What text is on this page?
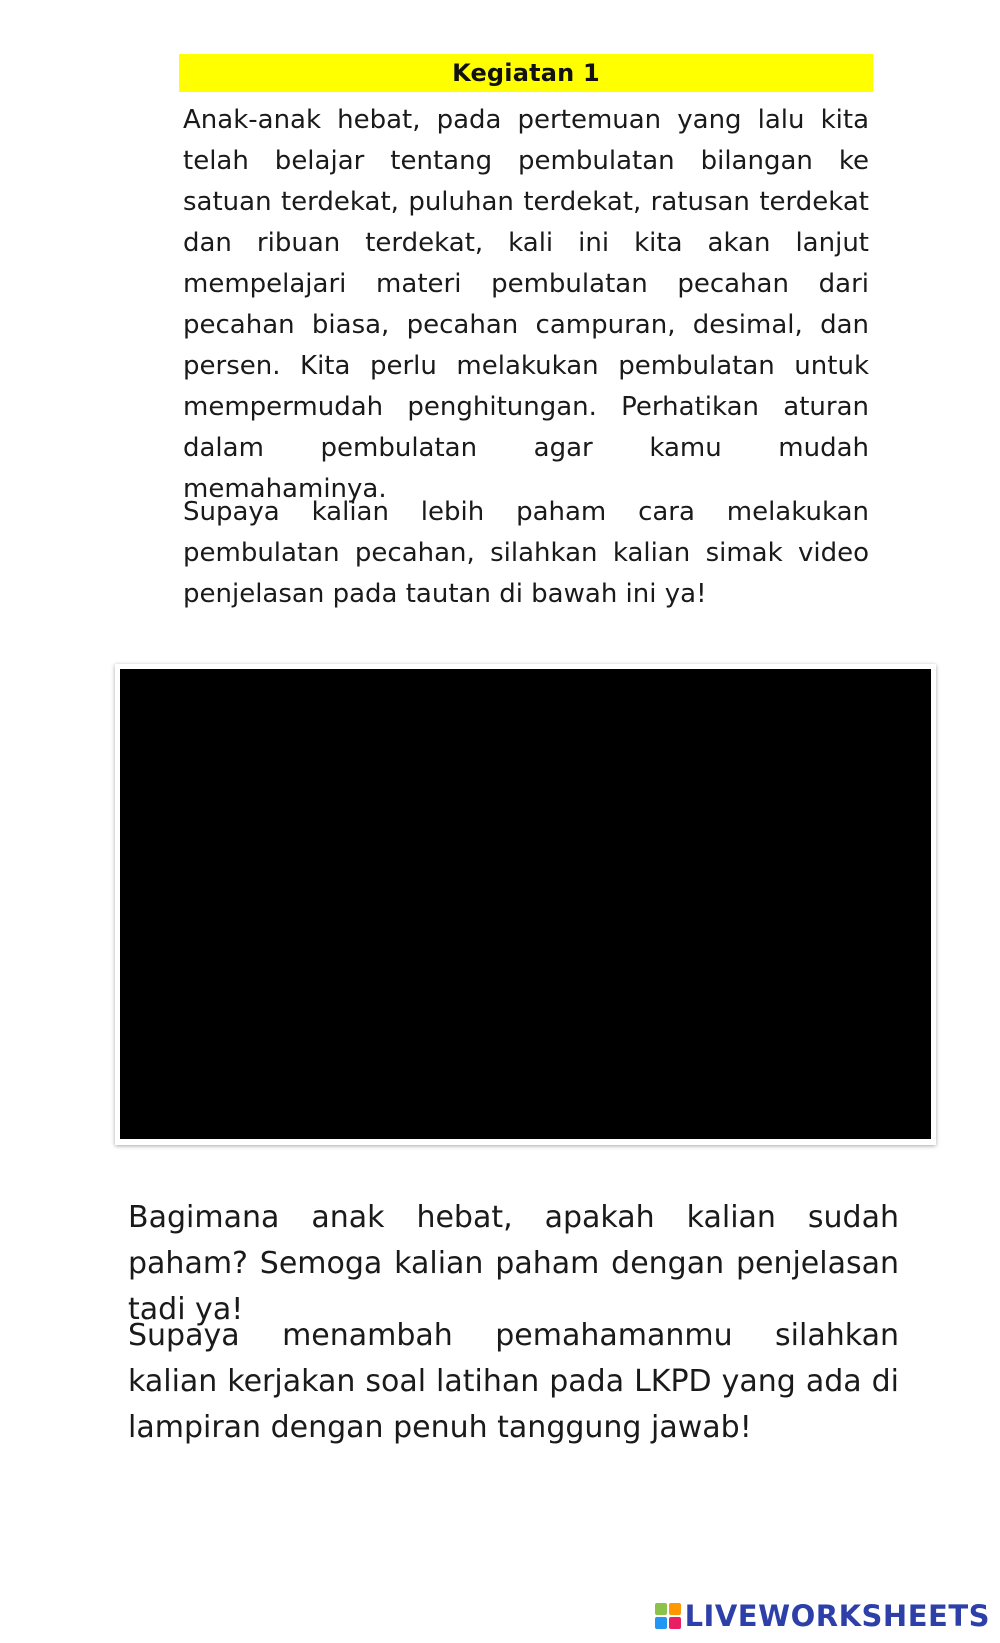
Kegiatan 1

Anak-anak hebat, pada pertemuan yang lalu kita telah belajar tentang pembulatan bilangan ke satuan terdekat, puluhan terdekat, ratusan terdekat dan ribuan terdekat, kali ini kita akan lanjut mempelajari materi pembulatan pecahan dari pecahan biasa, pecahan campuran, desimal, dan persen. Kita perlu melakukan pembulatan untuk mempermudah penghitungan. Perhatikan aturan dalam pembulatan agar kamu mudah memahaminya.

Supaya kalian lebih paham cara melakukan pembulatan pecahan, silahkan kalian simak video penjelasan pada tautan di bawah ini ya!

Bagimana anak hebat, apakah kalian sudah paham? Semoga kalian paham dengan penjelasan tadi ya!

Supaya menambah pemahamanmu silahkan kalian kerjakan soal latihan pada LKPD yang ada di lampiran dengan penuh tanggung jawab!

LIVEWORKSHEETS
